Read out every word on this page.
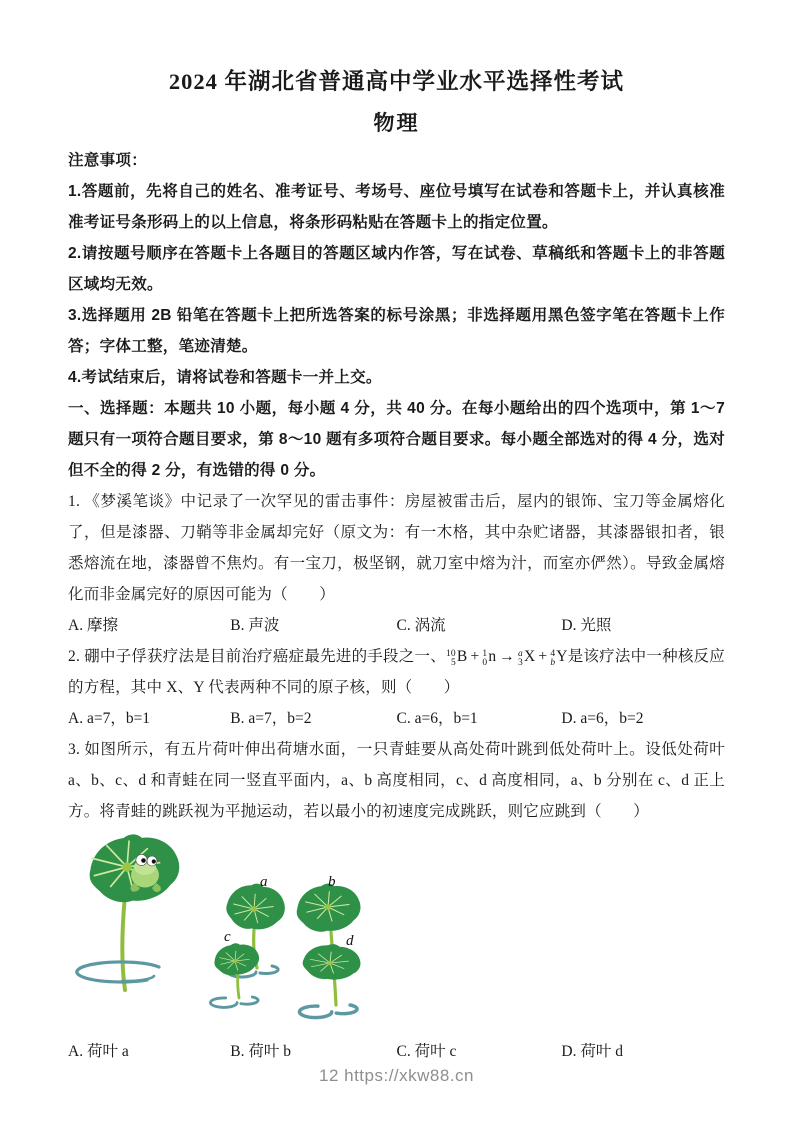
2024 年湖北省普通高中学业水平选择性考试
物理

注意事项：

1.答题前，先将自己的姓名、准考证号、考场号、座位号填写在试卷和答题卡上，并认真核准准考证号条形码上的以上信息，将条形码粘贴在答题卡上的指定位置。

2.请按题号顺序在答题卡上各题目的答题区域内作答，写在试卷、草稿纸和答题卡上的非答题区域均无效。

3.选择题用 2B 铅笔在答题卡上把所选答案的标号涂黑；非选择题用黑色签字笔在答题卡上作答；字体工整，笔迹清楚。

4.考试结束后，请将试卷和答题卡一并上交。

一、选择题：本题共 10 小题，每小题 4 分，共 40 分。在每小题给出的四个选项中，第 1～7 题只有一项符合题目要求，第 8～10 题有多项符合题目要求。每小题全部选对的得 4 分，选对但不全的得 2 分，有选错的得 0 分。

1. 《梦溪笔谈》中记录了一次罕见的雷击事件：房屋被雷击后，屋内的银饰、宝刀等金属熔化了，但是漆器、刀鞘等非金属却完好（原文为：有一木格，其中杂贮诸器，其漆器银扣者，银悉熔流在地，漆器曾不焦灼。有一宝刀，极坚钢，就刀室中熔为汁，而室亦俨然）。导致金属熔化而非金属完好的原因可能为（　　）

A. 摩擦	B. 声波	C. 涡流	D. 光照

2. 硼中子俘获疗法是目前治疗癌症最先进的手段之一、 10
5 B + 1
0 n → a
3 X + 4
b Y是该疗法中一种核反应的方程，其中 X、Y 代表两种不同的原子核，则（　　）

A. a=7，b=1	B. a=7，b=2	C. a=6，b=1	D. a=6，b=2

3. 如图所示，有五片荷叶伸出荷塘水面，一只青蛙要从高处荷叶跳到低处荷叶上。设低处荷叶 a、b、c、d 和青蛙在同一竖直平面内，a、b 高度相同，c、d 高度相同，a、b 分别在 c、d 正上方。将青蛙的跳跃视为平抛运动，若以最小的初速度完成跳跃，则它应跳到（　　）

a
c
b
d
A. 荷叶 a	B. 荷叶 b	C. 荷叶 c	D. 荷叶 d
12 https://xkw88.cn
